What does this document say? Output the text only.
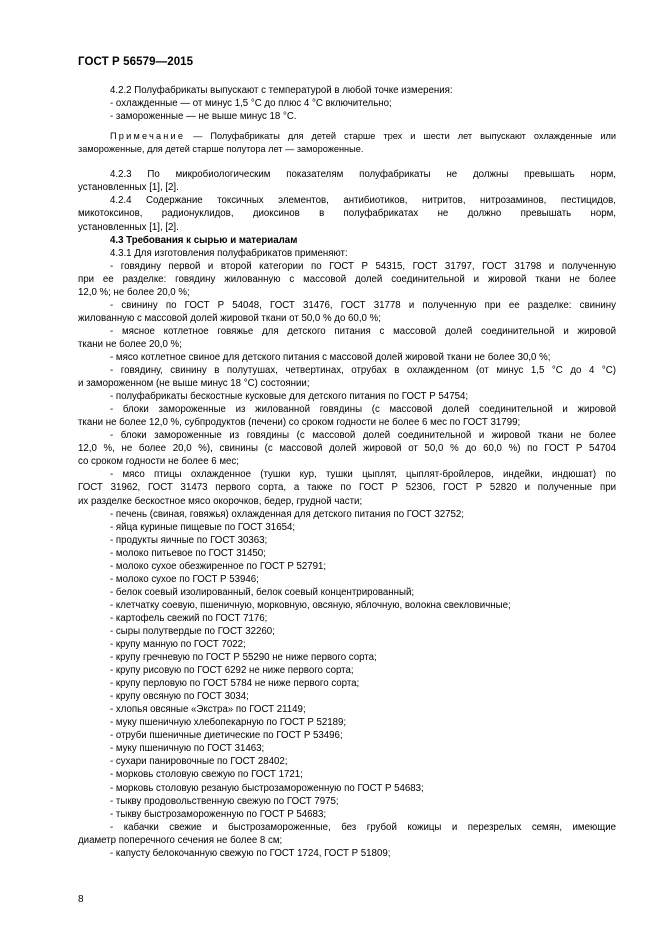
ГОСТ Р 56579—2015
4.2.2 Полуфабрикаты выпускают с температурой в любой точке измерения:
- охлажденные — от минус 1,5 °С до плюс 4 °С включительно;
- замороженные — не выше минус 18 °С.
Примечание — Полуфабрикаты для детей старше трех и шести лет выпускают охлажденные или
замороженные, для детей старше полутора лет — замороженные.
4.2.3 По микробиологическим показателям полуфабрикаты не должны превышать норм,
установленных [1], [2].
4.2.4 Содержание токсичных элементов, антибиотиков, нитритов, нитрозаминов, пестицидов,
микотоксинов, радионуклидов, диоксинов в полуфабрикатах не должно превышать норм,
установленных [1], [2].
4.3 Требования к сырью и материалам
4.3.1 Для изготовления полуфабрикатов применяют:
- говядину первой и второй категории по ГОСТ Р 54315, ГОСТ 31797, ГОСТ 31798 и полученную
при ее разделке: говядину жилованную с массовой долей соединительной и жировой ткани не более
12,0 %; не более 20,0 %;
- свинину по ГОСТ Р 54048, ГОСТ 31476, ГОСТ 31778 и полученную при ее разделке: свинину
жилованную с массовой долей жировой ткани от 50,0 % до 60,0 %;
- мясное котлетное говяжье для детского питания с массовой долей соединительной и жировой
ткани не более 20,0 %;
- мясо котлетное свиное для детского питания с массовой долей жировой ткани не более 30,0 %;
- говядину, свинину в полутушах, четвертинах, отрубах в охлажденном (от минус 1,5 °С до 4 °С)
и замороженном (не выше минус 18 °С) состоянии;
- полуфабрикаты бескостные кусковые для детского питания по ГОСТ Р 54754;
- блоки замороженные из жилованной говядины (с массовой долей соединительной и жировой
ткани не более 12,0 %, субпродуктов (печени) со сроком годности не более 6 мес по ГОСТ 31799;
- блоки замороженные из говядины (с массовой долей соединительной и жировой ткани не более
12,0 %, не более 20,0 %), свинины (с массовой долей жировой от 50,0 % до 60,0 %) по ГОСТ Р 54704
со сроком годности не более 6 мес;
- мясо птицы охлажденное (тушки кур, тушки цыплят, цыплят-бройлеров, индейки, индюшат) по
ГОСТ 31962, ГОСТ 31473 первого сорта, а также по ГОСТ Р 52306, ГОСТ Р 52820 и полученные при
их разделке бескостное мясо окорочков, бедер, грудной части;
- печень (свиная, говяжья) охлажденная для детского питания по ГОСТ 32752;
- яйца куриные пищевые по ГОСТ 31654;
- продукты яичные по ГОСТ 30363;
- молоко питьевое по ГОСТ 31450;
- молоко сухое обезжиренное по ГОСТ Р 52791;
- молоко сухое по ГОСТ Р 53946;
- белок соевый изолированный, белок соевый концентрированный;
- клетчатку соевую, пшеничную, морковную, овсяную, яблочную, волокна свекловичные;
- картофель свежий по ГОСТ 7176;
- сыры полутвердые по ГОСТ 32260;
- крупу манную по ГОСТ 7022;
- крупу гречневую по ГОСТ Р 55290 не ниже первого сорта;
- крупу рисовую по ГОСТ 6292 не ниже первого сорта;
- крупу перловую по ГОСТ 5784 не ниже первого сорта;
- крупу овсяную по ГОСТ 3034;
- хлопья овсяные «Экстра» по ГОСТ 21149;
- муку пшеничную хлебопекарную по ГОСТ Р 52189;
- отруби пшеничные диетические по ГОСТ Р 53496;
- муку пшеничную по ГОСТ 31463;
- сухари панировочные по ГОСТ 28402;
- морковь столовую свежую по ГОСТ 1721;
- морковь столовую резаную быстрозамороженную по ГОСТ Р 54683;
- тыкву продовольственную свежую по ГОСТ 7975;
- тыкву быстрозамороженную по ГОСТ Р 54683;
- кабачки свежие и быстрозамороженные, без грубой кожицы и перезрелых семян, имеющие
диаметр поперечного сечения не более 8 см;
- капусту белокочанную свежую по ГОСТ 1724, ГОСТ Р 51809;
8
